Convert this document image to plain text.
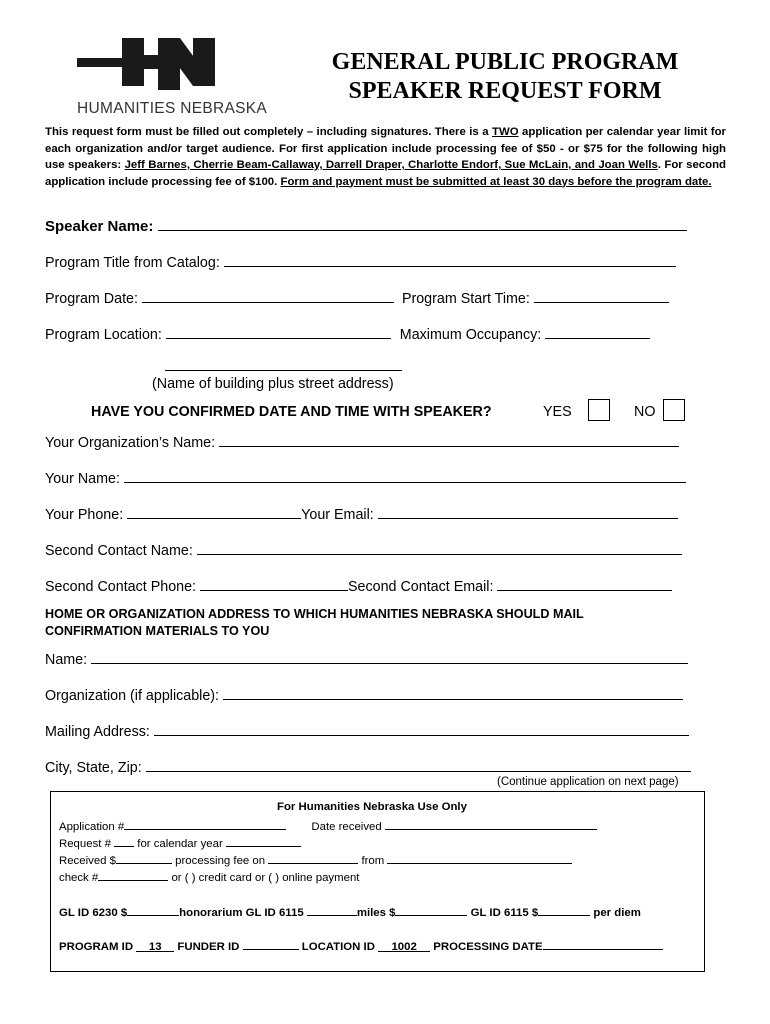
HUMANITIES NEBRASKA
GENERAL PUBLIC PROGRAM
SPEAKER REQUEST FORM
This request form must be filled out completely – including signatures. There is a TWO application per calendar year limit for each organization and/or target audience. For first application include processing fee of $50 - or $75 for the following high use speakers: Jeff Barnes, Cherrie Beam-Callaway, Darrell Draper, Charlotte Endorf, Sue McLain, and Joan Wells. For second application include processing fee of $100. Form and payment must be submitted at least 30 days before the program date.
Speaker Name:
Program Title from Catalog:
Program Date:	Program Start Time:
Program Location:	Maximum Occupancy:
(Name of building plus street address)
HAVE YOU CONFIRMED DATE AND TIME WITH SPEAKER?	YES	NO
Your Organization’s Name:
Your Name:
Your Phone:	Your Email:
Second Contact Name:
Second Contact Phone:	Second Contact Email:
HOME OR ORGANIZATION ADDRESS TO WHICH HUMANITIES NEBRASKA SHOULD MAIL
CONFIRMATION MATERIALS TO YOU
Name:
Organization (if applicable):
Mailing Address:
City, State, Zip:
(Continue application on next page)
For Humanities Nebraska Use Only
Application #	Date received
Request # for calendar year
Received $	processing fee on	from
check #	or ( ) credit card or ( ) online payment
GL ID 6230 $	honorarium GL ID 6115	miles $	GL ID 6115 $	per diem
PROGRAM ID 13 FUNDER ID	LOCATION ID 1002 PROCESSING DATE
